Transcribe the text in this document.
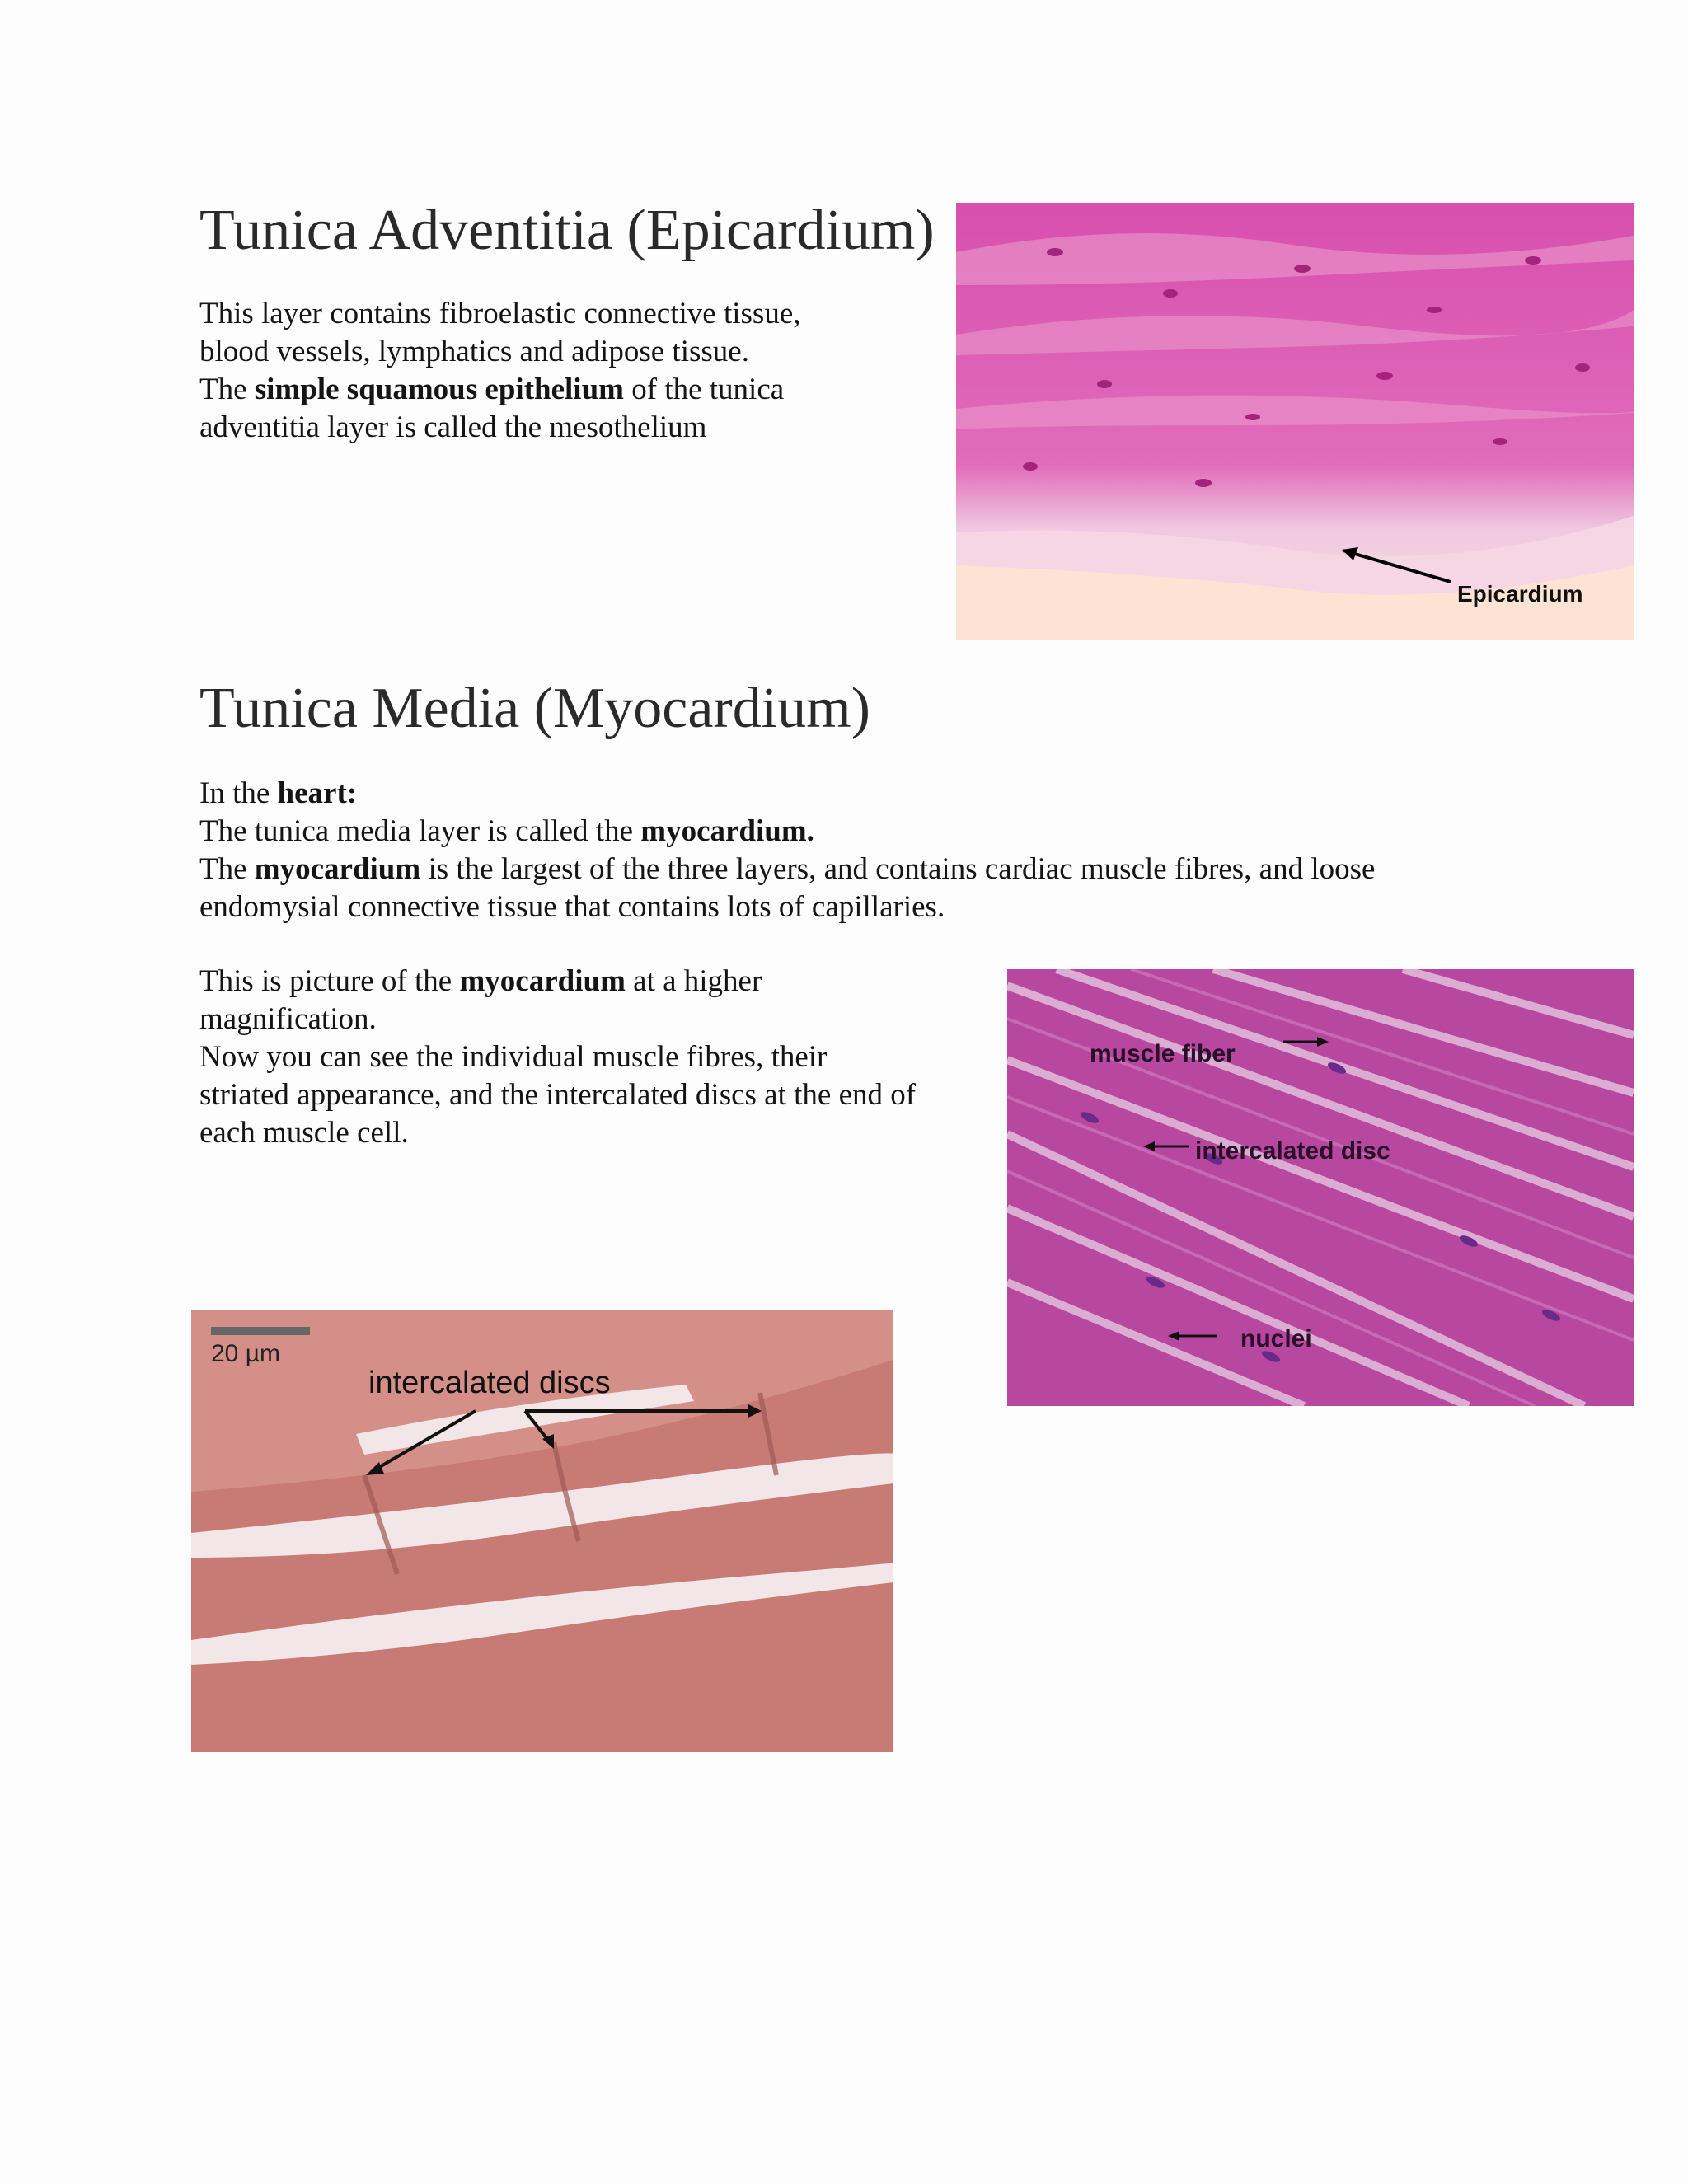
Tunica Adventitia (Epicardium)
This layer contains fibroelastic connective tissue,
blood vessels, lymphatics and adipose tissue.
The simple squamous epithelium of the tunica
adventitia layer is called the mesothelium
Epicardium
Tunica Media (Myocardium)
In the heart:
The tunica media layer is called the myocardium.
The myocardium is the largest of the three layers, and contains cardiac muscle fibres, and loose
endomysial connective tissue that contains lots of capillaries.
This is picture of the myocardium at a higher
magnification.
Now you can see the individual muscle fibres, their
striated appearance, and the intercalated discs at the end of
each muscle cell.
muscle fiber
intercalated disc
nuclei
20 µm
intercalated discs
